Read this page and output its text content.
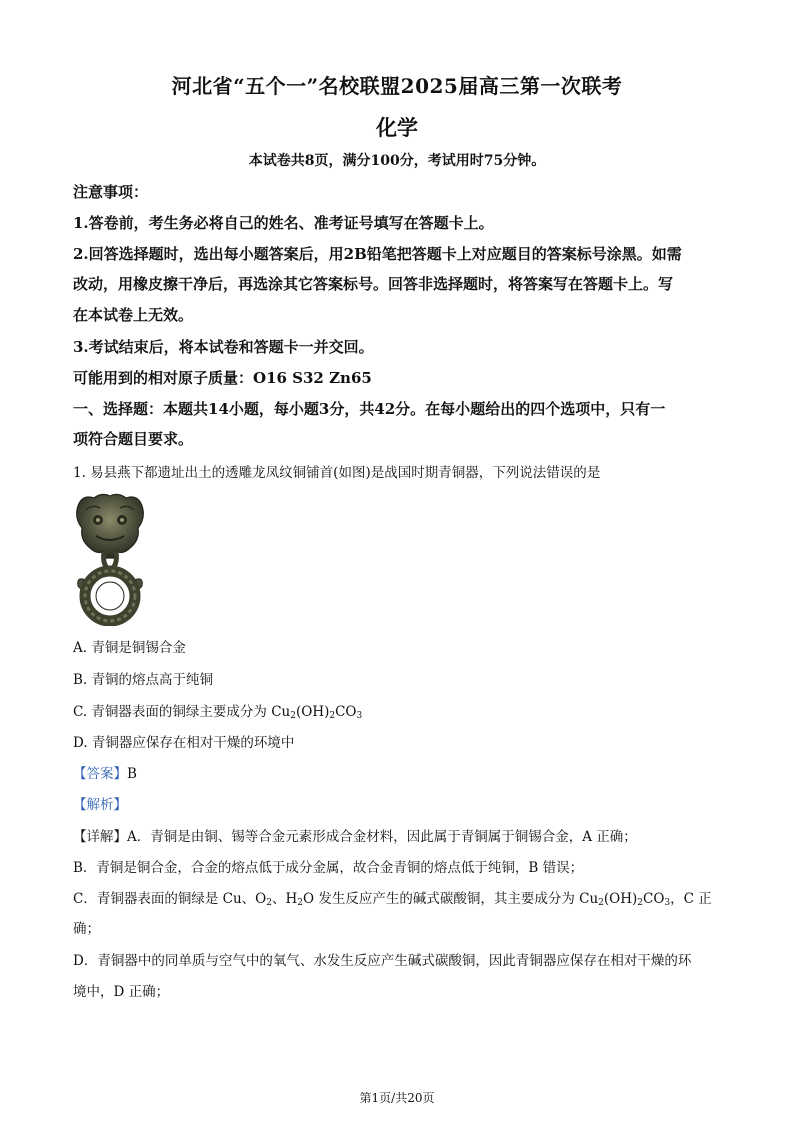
河北省“五个一”名校联盟2025届高三第一次联考
化学
本试卷共8页，满分100分，考试用时75分钟。
注意事项：
1.答卷前，考生务必将自己的姓名、准考证号填写在答题卡上。
2.回答选择题时，选出每小题答案后，用2B铅笔把答题卡上对应题目的答案标号涂黑。如需
改动，用橡皮擦干净后，再选涂其它答案标号。回答非选择题时，将答案写在答题卡上。写
在本试卷上无效。
3.考试结束后，将本试卷和答题卡一并交回。
可能用到的相对原子质量：O16 S32 Zn65
一、选择题：本题共14小题，每小题3分，共42分。在每小题给出的四个选项中，只有一
项符合题目要求。
1. 易县燕下都遗址出土的透雕龙凤纹铜铺首(如图)是战国时期青铜器，下列说法错误的是
A. 青铜是铜锡合金
B. 青铜的熔点高于纯铜
C. 青铜器表面的铜绿主要成分为 $Cu_2(OH)_2CO_3$
D. 青铜器应保存在相对干燥的环境中
【答案】B
【解析】
【详解】A．青铜是由铜、锡等合金元素形成合金材料，因此属于青铜属于铜锡合金，A 正确；
B．青铜是铜合金，合金的熔点低于成分金属，故合金青铜的熔点低于纯铜，B 错误；
C．青铜器表面的铜绿是 Cu、$O_2$、$H_2O$ 发生反应产生的碱式碳酸铜，其主要成分为 $Cu_2(OH)_2CO_3$，C 正
确；
D．青铜器中的同单质与空气中的氧气、水发生反应产生碱式碳酸铜，因此青铜器应保存在相对干燥的环
境中，D 正确；
第1页/共20页
